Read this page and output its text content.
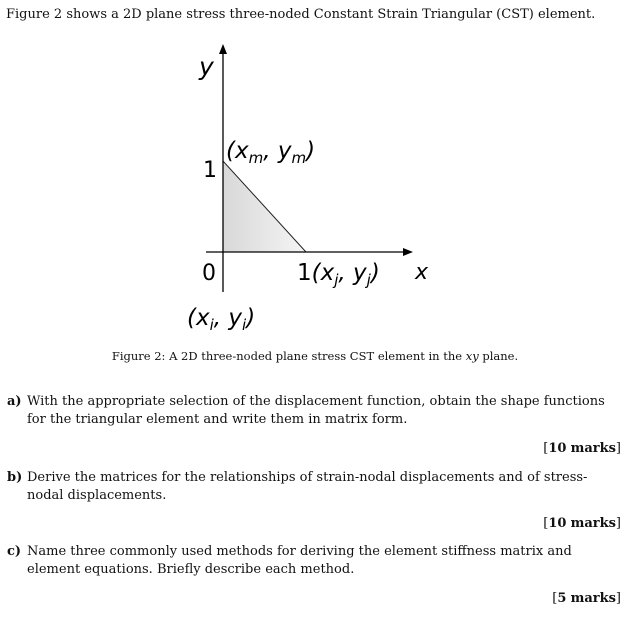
Figure 2 shows a 2D plane stress three-noded Constant Strain Triangular (CST) element.
y
x
1
0
($x_m$, $y_m$)
$1(x_j$, $y_j$)
($x_i$, $y_i$)
Figure 2: A 2D three-noded plane stress CST element in the xy plane.
a) With the appropriate selection of the displacement function, obtain the shape functions for the triangular element and write them in matrix form.
[10 marks]
b) Derive the matrices for the relationships of strain-nodal displacements and of stress-nodal displacements.
[10 marks]
c) Name three commonly used methods for deriving the element stiffness matrix and element equations. Briefly describe each method.
[5 marks]
